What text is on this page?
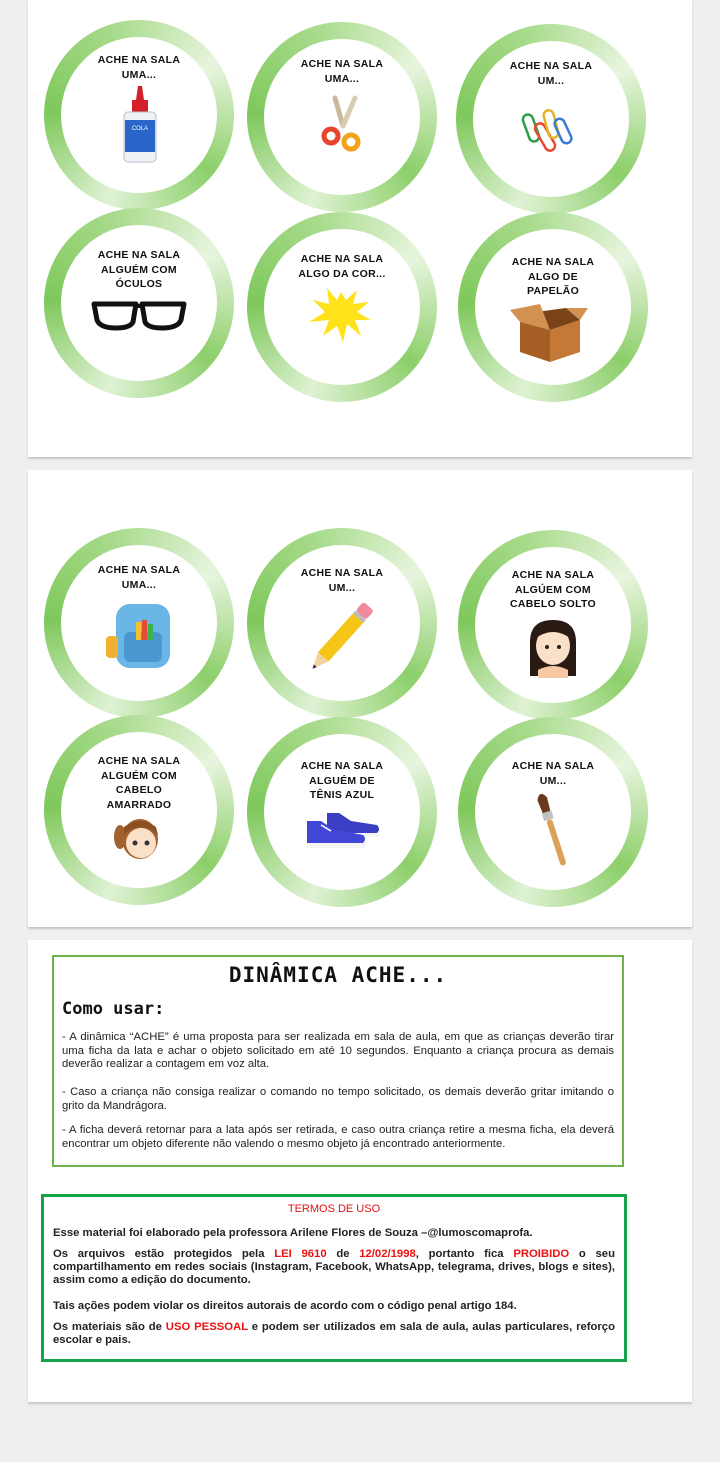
ACHE NA SALA
UMA...
COLA
ACHE NA SALA
UMA...
ACHE NA SALA
UM...
ACHE NA SALA
ALGUÉM COM
ÓCULOS
ACHE NA SALA
ALGO DA COR...
ACHE NA SALA
ALGO DE
PAPELÃO
ACHE NA SALA
UMA...
ACHE NA SALA
UM...
ACHE NA SALA
ALGÚEM COM
CABELO SOLTO
ACHE NA SALA
ALGUÉM COM
CABELO
AMARRADO
ACHE NA SALA
ALGUÉM DE
TÊNIS AZUL
ACHE NA SALA
UM...
DINÂMICA ACHE...
Como usar:

- A dinâmica “ACHE” é uma proposta para ser realizada em sala de aula, em que as crianças deverão tirar uma ficha da lata e achar o objeto solicitado em até 10 segundos. Enquanto a criança procura as demais deverão realizar a contagem em voz alta.

- Caso a criança não consiga realizar o comando no tempo solicitado, os demais deverão gritar imitando o grito da Mandrágora.

- A ficha deverá retornar para a lata após ser retirada, e caso outra criança retire a mesma ficha, ela deverá encontrar um objeto diferente não valendo o mesmo objeto já encontrado anteriormente.

TERMOS DE USO

Esse material foi elaborado pela professora Arilene Flores de Souza –@lumoscomaprofa.

Os arquivos estão protegidos pela LEI 9610 de 12/02/1998, portanto fica PROIBIDO o seu compartilhamento em redes sociais (Instagram, Facebook, WhatsApp, telegrama, drives, blogs e sites), assim como a edição do documento.

Tais ações podem violar os direitos autorais de acordo com o código penal artigo 184.

Os materiais são de USO PESSOAL e podem ser utilizados em sala de aula, aulas particulares, reforço escolar e pais.
